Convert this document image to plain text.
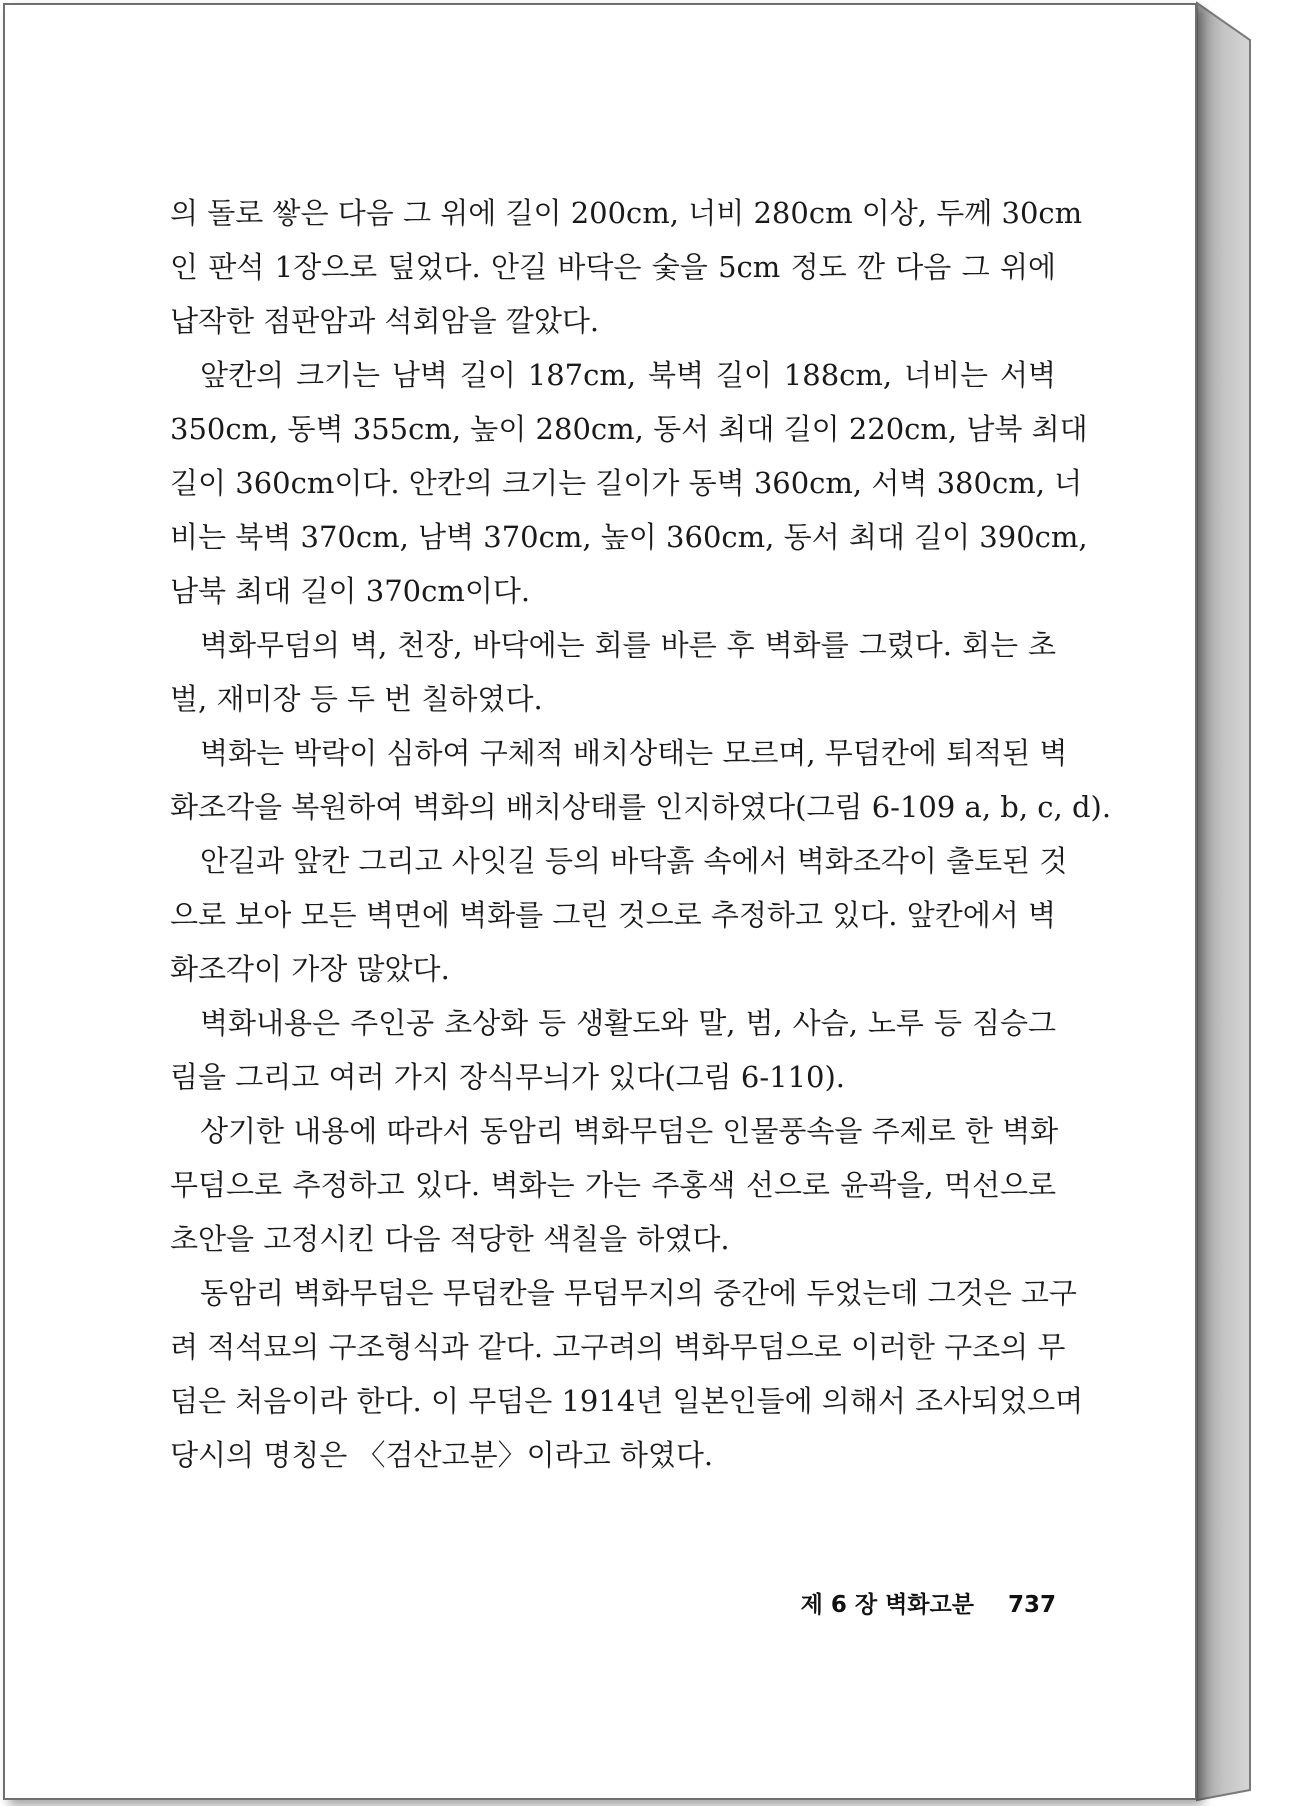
의 돌로 쌓은 다음 그 위에 길이 200cm, 너비 280cm 이상, 두께 30cm
인 판석 1장으로 덮었다. 안길 바닥은 숯을 5cm 정도 깐 다음 그 위에
납작한 점판암과 석회암을 깔았다.
앞칸의 크기는 남벽 길이 187cm, 북벽 길이 188cm, 너비는 서벽
350cm, 동벽 355cm, 높이 280cm, 동서 최대 길이 220cm, 남북 최대
길이 360cm이다. 안칸의 크기는 길이가 동벽 360cm, 서벽 380cm, 너
비는 북벽 370cm, 남벽 370cm, 높이 360cm, 동서 최대 길이 390cm,
남북 최대 길이 370cm이다.
벽화무덤의 벽, 천장, 바닥에는 회를 바른 후 벽화를 그렸다. 회는 초
벌, 재미장 등 두 번 칠하였다.
벽화는 박락이 심하여 구체적 배치상태는 모르며, 무덤칸에 퇴적된 벽
화조각을 복원하여 벽화의 배치상태를 인지하였다(그림 6-109 a, b, c, d).
안길과 앞칸 그리고 사잇길 등의 바닥흙 속에서 벽화조각이 출토된 것
으로 보아 모든 벽면에 벽화를 그린 것으로 추정하고 있다. 앞칸에서 벽
화조각이 가장 많았다.
벽화내용은 주인공 초상화 등 생활도와 말, 범, 사슴, 노루 등 짐승그
림을 그리고 여러 가지 장식무늬가 있다(그림 6-110).
상기한 내용에 따라서 동암리 벽화무덤은 인물풍속을 주제로 한 벽화
무덤으로 추정하고 있다. 벽화는 가는 주홍색 선으로 윤곽을, 먹선으로
초안을 고정시킨 다음 적당한 색칠을 하였다.
동암리 벽화무덤은 무덤칸을 무덤무지의 중간에 두었는데 그것은 고구
려 적석묘의 구조형식과 같다. 고구려의 벽화무덤으로 이러한 구조의 무
덤은 처음이라 한다. 이 무덤은 1914년 일본인들에 의해서 조사되었으며
당시의 명칭은 〈검산고분〉이라고 하였다.
제 6 장 벽화고분 737
